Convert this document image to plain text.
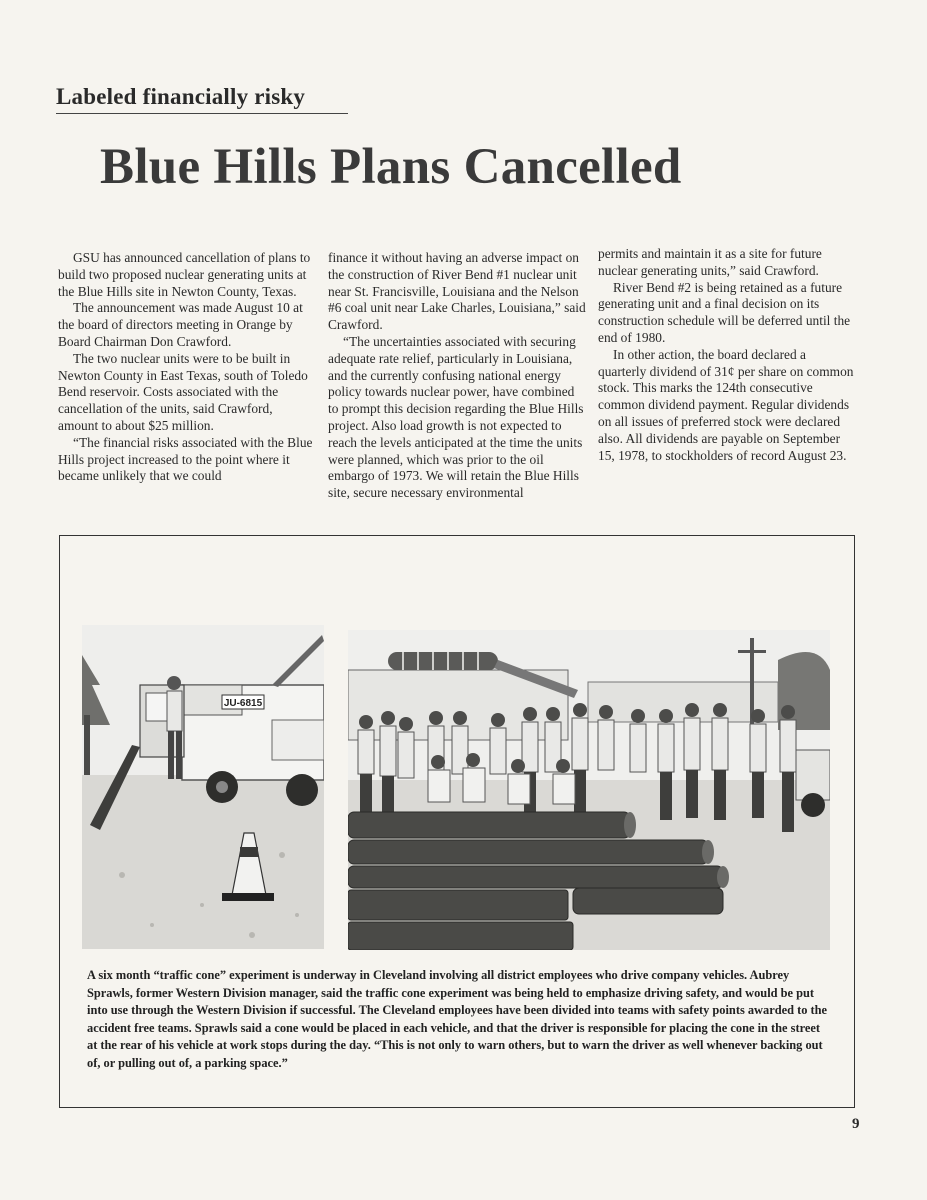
Labeled financially risky
Blue Hills Plans Cancelled

GSU has announced cancellation of plans to build two proposed nuclear generating units at the Blue Hills site in Newton County, Texas.

The announcement was made August 10 at the board of directors meeting in Orange by Board Chairman Don Crawford.

The two nuclear units were to be built in Newton County in East Texas, south of Toledo Bend reservoir. Costs associated with the cancellation of the units, said Crawford, amount to about $25 million.

“The financial risks associated with the Blue Hills project increased to the point where it became unlikely that we could

finance it without having an adverse impact on the construction of River Bend #1 nuclear unit near St. Francisville, Louisiana and the Nelson #6 coal unit near Lake Charles, Louisiana,” said Crawford.

“The uncertainties associated with securing adequate rate relief, particularly in Louisiana, and the currently confusing national energy policy towards nuclear power, have combined to prompt this decision regarding the Blue Hills project. Also load growth is not expected to reach the levels anticipated at the time the units were planned, which was prior to the oil embargo of 1973. We will retain the Blue Hills site, secure necessary environmental

permits and maintain it as a site for future nuclear generating units,” said Crawford.

River Bend #2 is being retained as a future generating unit and a final decision on its construction schedule will be deferred until the end of 1980.

In other action, the board declared a quarterly dividend of 31¢ per share on common stock. This marks the 124th consecutive common dividend payment. Regular dividends on all issues of preferred stock were declared also. All dividends are payable on September 15, 1978, to stockholders of record August 23.

JU-6815
A six month “traffic cone” experiment is underway in Cleveland involving all district employees who drive company vehicles. Aubrey Sprawls, former Western Division manager, said the traffic cone experiment was being held to emphasize driving safety, and would be put into use through the Western Division if successful. The Cleveland employees have been divided into teams with safety points awarded to the accident free teams. Sprawls said a cone would be placed in each vehicle, and that the driver is responsible for placing the cone in the street at the rear of his vehicle at work stops during the day. “This is not only to warn others, but to warn the driver as well whenever backing out of, or pulling out of, a parking space.”
9
